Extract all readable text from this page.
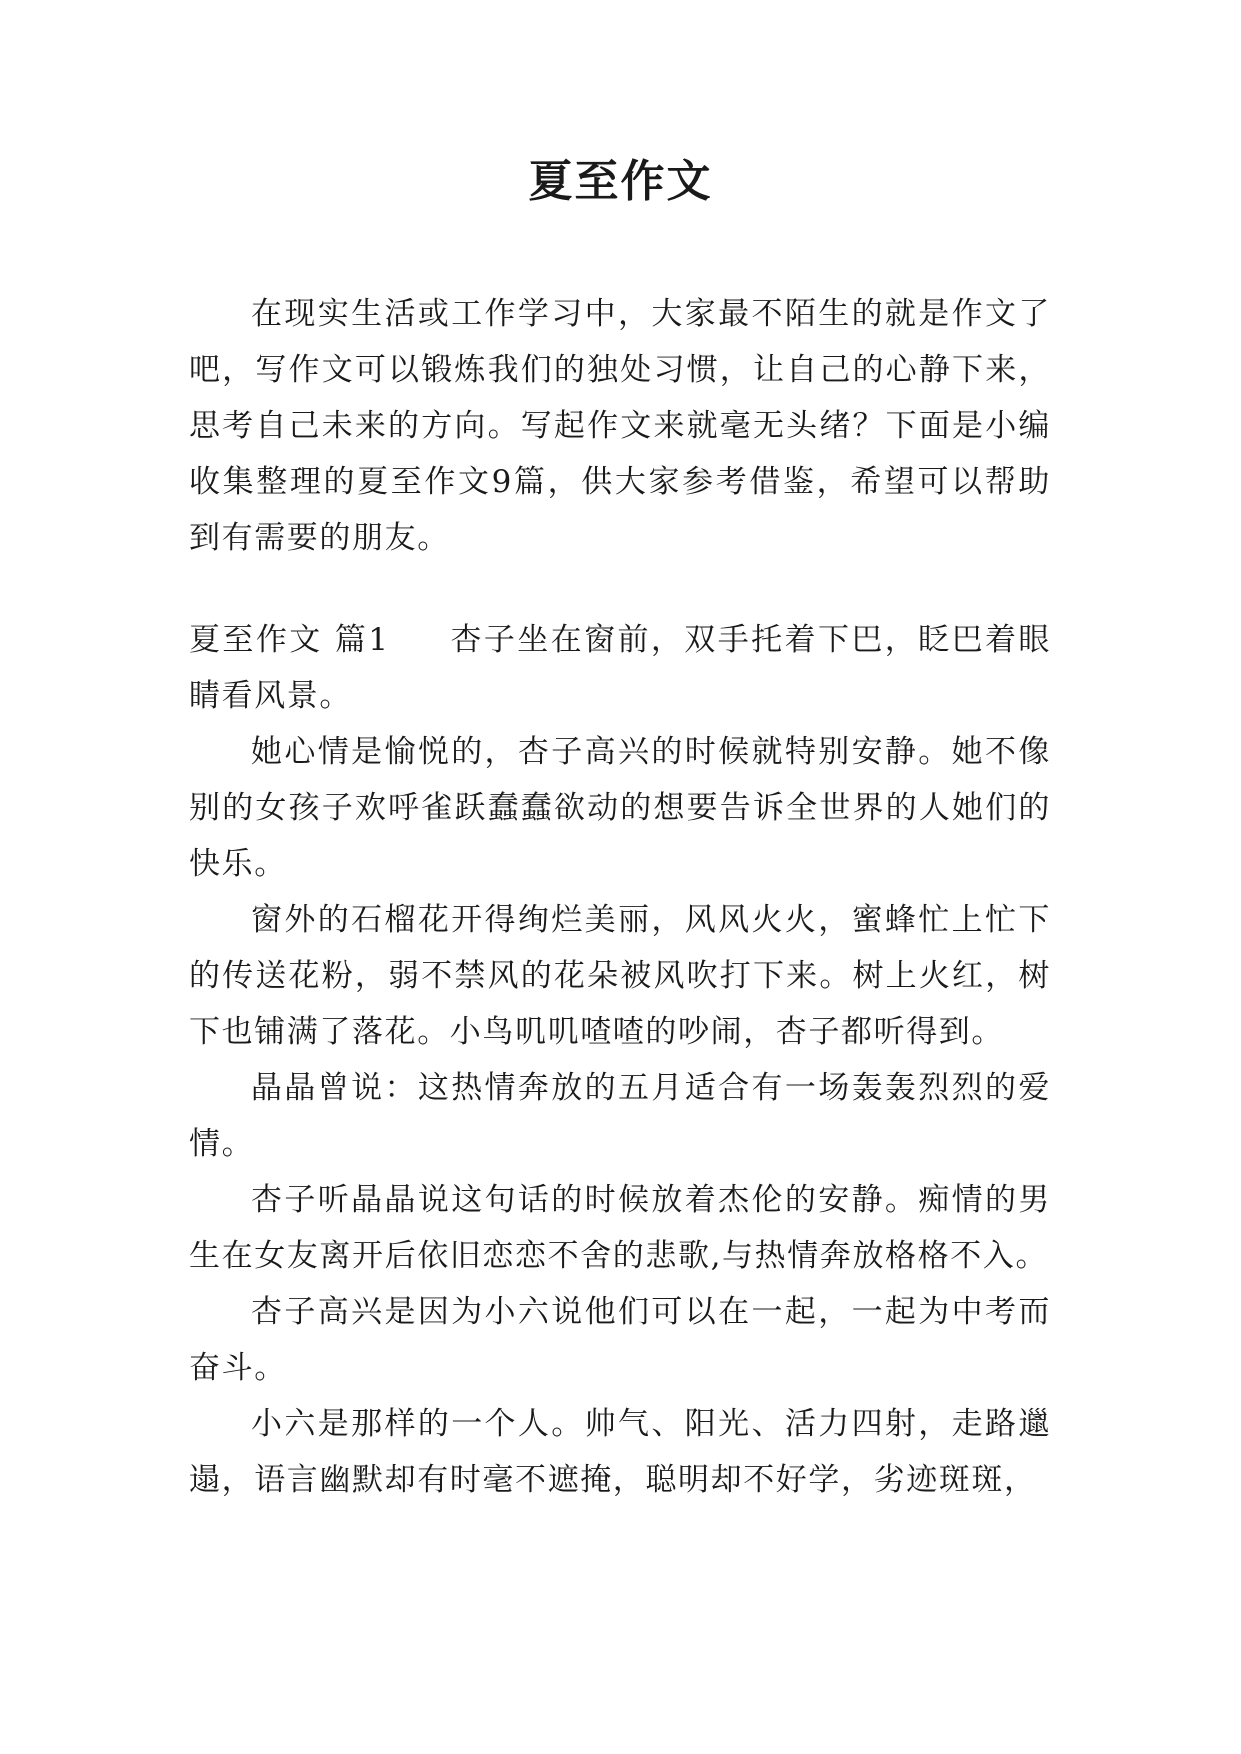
夏至作文

在现实生活或工作学习中，大家最不陌生的就是作文了吧，写作文可以锻炼我们的独处习惯，让自己的心静下来，思考自己未来的方向。写起作文来就毫无头绪？下面是小编收集整理的夏至作文9篇，供大家参考借鉴，希望可以帮助到有需要的朋友。

夏至作文 篇1 杏子坐在窗前，双手托着下巴，眨巴着眼睛看风景。

她心情是愉悦的，杏子高兴的时候就特别安静。她不像别的女孩子欢呼雀跃蠢蠢欲动的想要告诉全世界的人她们的快乐。

窗外的石榴花开得绚烂美丽，风风火火，蜜蜂忙上忙下的传送花粉，弱不禁风的花朵被风吹打下来。树上火红，树下也铺满了落花。小鸟叽叽喳喳的吵闹，杏子都听得到。

晶晶曾说：这热情奔放的五月适合有一场轰轰烈烈的爱情。

杏子听晶晶说这句话的时候放着杰伦的安静。痴情的男生在女友离开后依旧恋恋不舍的悲歌,与热情奔放格格不入。

杏子高兴是因为小六说他们可以在一起，一起为中考而奋斗。

小六是那样的一个人。帅气、阳光、活力四射，走路邋遢，语言幽默却有时毫不遮掩，聪明却不好学，劣迹斑斑，
